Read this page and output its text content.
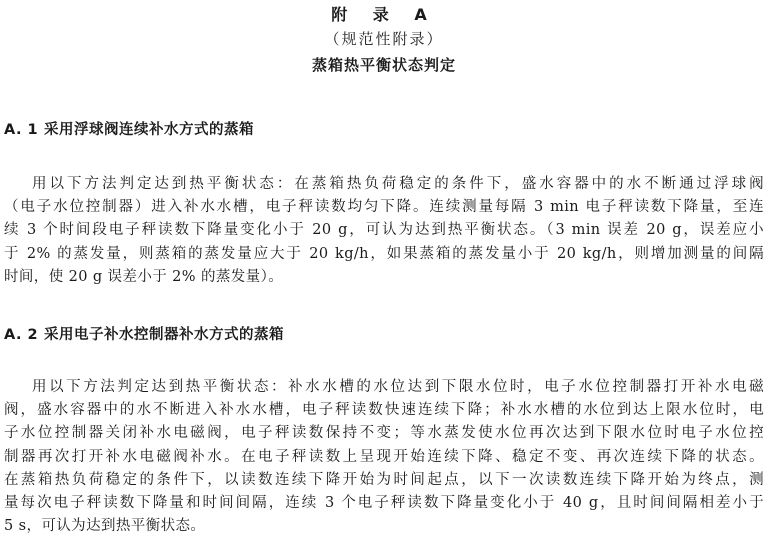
附 录 A
（规范性附录）
蒸箱热平衡状态判定
A. 1 采用浮球阀连续补水方式的蒸箱
用以下方法判定达到热平衡状态：在蒸箱热负荷稳定的条件下，盛水容器中的水不断通过浮球阀
（电子水位控制器）进入补水水槽，电子秤读数均匀下降。连续测量每隔 3 min 电子秤读数下降量，至连
续 3 个时间段电子秤读数下降量变化小于 20 g，可认为达到热平衡状态。（3 min 误差 20 g，误差应小
于 2% 的蒸发量，则蒸箱的蒸发量应大于 20 kg/h，如果蒸箱的蒸发量小于 20 kg/h，则增加测量的间隔
时间，使 20 g 误差小于 2% 的蒸发量）。
A. 2 采用电子补水控制器补水方式的蒸箱
用以下方法判定达到热平衡状态：补水水槽的水位达到下限水位时，电子水位控制器打开补水电磁
阀，盛水容器中的水不断进入补水水槽，电子秤读数快速连续下降；补水水槽的水位到达上限水位时，电
子水位控制器关闭补水电磁阀，电子秤读数保持不变；等水蒸发使水位再次达到下限水位时电子水位控
制器再次打开补水电磁阀补水。在电子秤读数上呈现开始连续下降、稳定不变、再次连续下降的状态。
在蒸箱热负荷稳定的条件下，以读数连续下降开始为时间起点，以下一次读数连续下降开始为终点，测
量每次电子秤读数下降量和时间间隔，连续 3 个电子秤读数下降量变化小于 40 g，且时间间隔相差小于
5 s，可认为达到热平衡状态。
